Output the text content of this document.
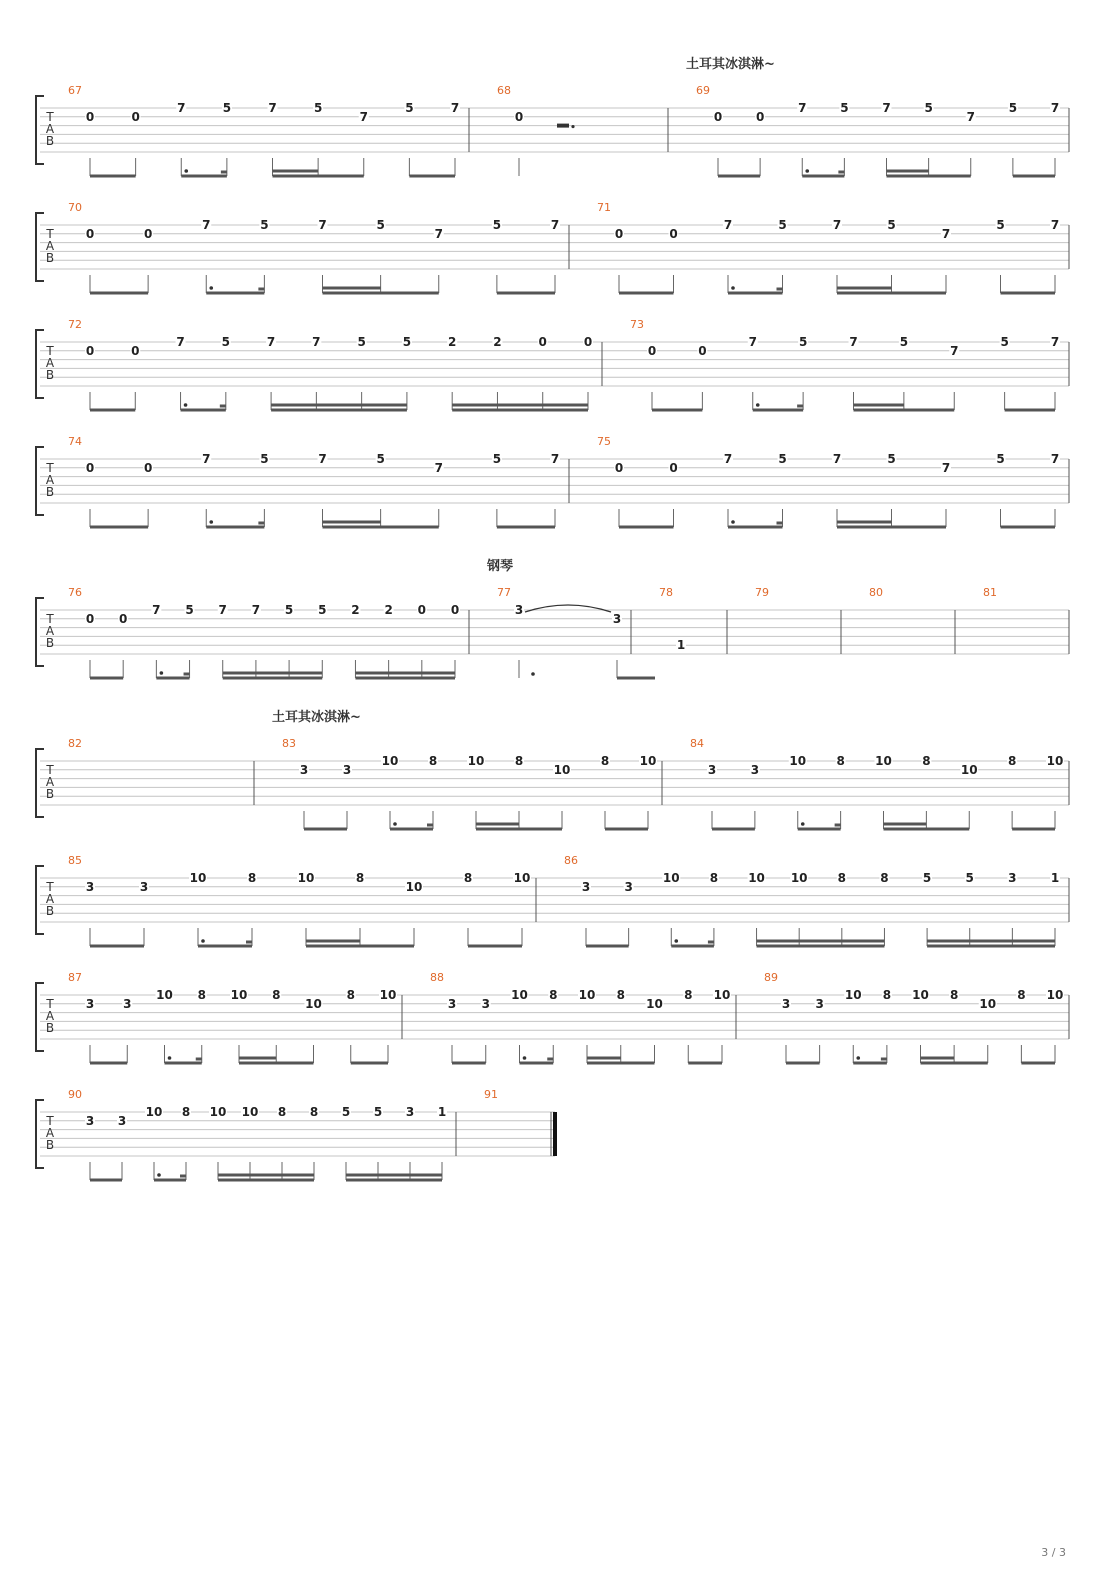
T
A
B
67
0	0
7	5	7	5
7
5	7
68
0
69
0	0
7	5	7	5
7
5	7
T
A
B
70
0	0
7	5	7	5
7
5	7
71
0	0
7	5	7	5
7
5	7
T
A
B
72
0	0
7	5	7	7	5	5	2	2	0	0
73
0	0
7	5	7	5
7
5	7
T
A
B
74
0	0
7	5	7	5
7
5	7
75
0	0
7	5	7	5
7
5	7
T
A
B
76
0 0
7 5 7 7 5 5 2 2 0 0
77
3
3
78
1
79	80	81
T
A
B
82	83
3	3
10	8	10	8
10
8	10
84
3	3
10	8	10	8
10
8	10
T
A
B
85
3	3
10	8	10	8
10
8	10
86
3	3
10	8	10 10	8	8	5	5	3	1
T
A
B
87
3 3
10 8 10 8
10
8 10
88
3 3
10 8 10 8
10
8 10
89
3 3
10 8 10 8
10
8 10
T
A
B
90
3 3
10 8 10 10 8 8 5 5 3 1
91
土耳其冰淇淋~
钢琴
土耳其冰淇淋~
3 / 3
